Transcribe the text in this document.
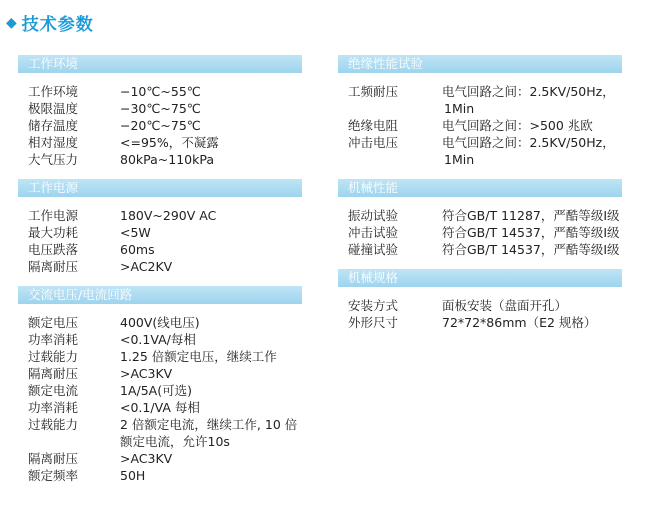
◆ 技术参数
工作环境
工作环境	−10℃~55℃
极限温度	−30℃~75℃
储存温度	−20℃~75℃
相对湿度	<=95%，不凝露
大气压力	80kPa~110kPa
工作电源
工作电源	180V~290V AC
最大功耗	<5W
电压跌落	60ms
隔离耐压	>AC2KV
交流电压/电流回路
额定电压	400V(线电压)
功率消耗	<0.1VA/每相
过载能力	1.25 倍额定电压，继续工作
隔离耐压	>AC3KV
额定电流	1A/5A(可选)
功率消耗	<0.1/VA 每相
过载能力	2 倍额定电流，继续工作, 10 倍额定电流，允许10s
隔离耐压	>AC3KV
额定频率	50H
绝缘性能试验
工频耐压	电气回路之间：2.5KV/50Hz，
1Min
绝缘电阻	电气回路之间：>500 兆欧
冲击电压	电气回路之间：2.5KV/50Hz，
1Min
机械性能
振动试验	符合GB/T 11287，严酷等级Ⅰ级
冲击试验	符合GB/T 14537，严酷等级Ⅰ级
碰撞试验	符合GB/T 14537，严酷等级Ⅰ级
机械规格
安装方式	面板安装（盘面开孔）
外形尺寸	72*72*86mm（E2 规格）
